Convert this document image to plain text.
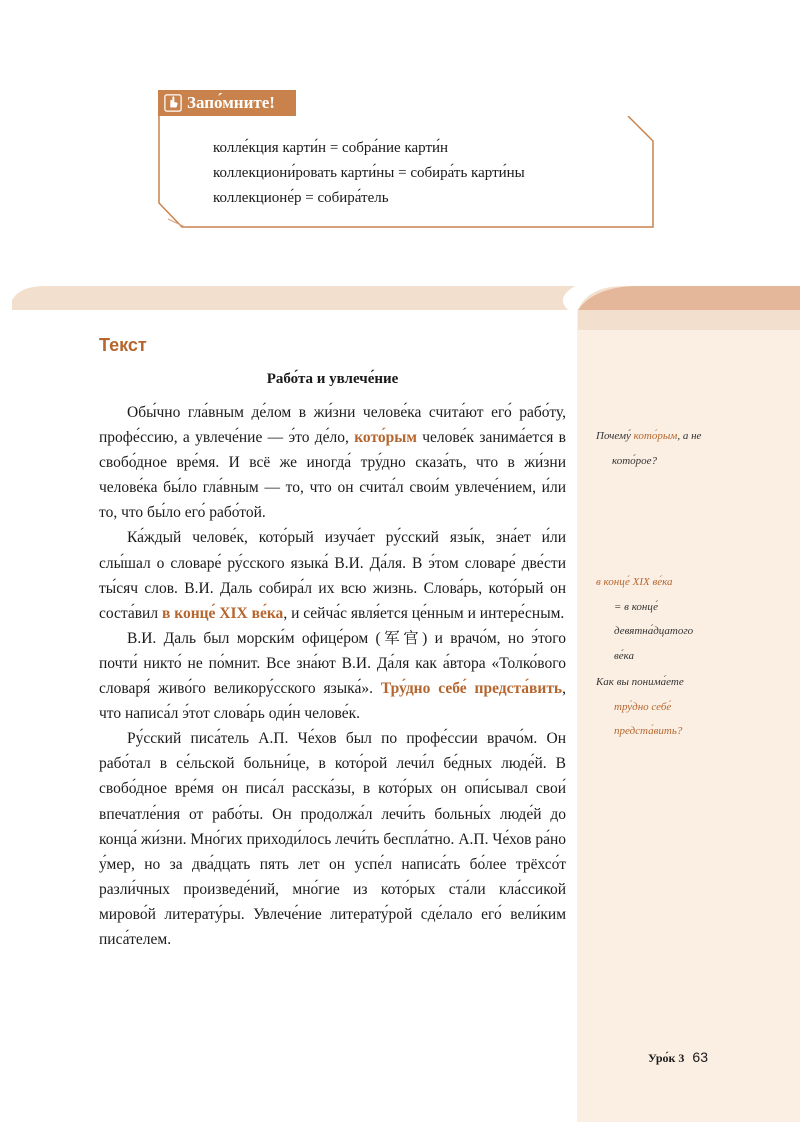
Запо́мните!
колле́кция карти́н = собра́ние карти́н
коллекциони́ровать карти́ны = собира́ть карти́ны
коллекционе́р = собира́тель
Текст
Рабо́та и увлече́ние

Обы́чно гла́вным де́лом в жи́зни челове́ка счита́ют его́ рабо́ту, профе́ссию, а увлече́ние — э́то де́ло, кото́рым челове́к занима́ется в свобо́дное вре́мя. И всё же иногда́ тру́дно сказа́ть, что в жи́зни челове́ка бы́ло гла́вным — то, что он счита́л свои́м увлече́нием, и́ли то, что бы́ло его́ рабо́той.

Ка́ждый челове́к, кото́рый изуча́ет ру́сский язы́к, зна́ет и́ли слы́шал о словаре́ ру́сского языка́ В.И. Да́ля. В э́том словаре́ две́сти ты́сяч слов. В.И. Даль собира́л их всю жизнь. Слова́рь, кото́рый он соста́вил в конце́ XIX ве́ка, и сейча́с явля́ется це́нным и интере́сным.

В.И. Даль был морски́м офице́ром (军官) и врачо́м, но э́того почти́ никто́ не по́мнит. Все зна́ют В.И. Да́ля как а́втора «Толко́вого словаря́ живо́го великору́сского языка́». Тру́дно себе́ предста́вить, что написа́л э́тот слова́рь оди́н челове́к.

Ру́сский писа́тель А.П. Че́хов был по профе́ссии врачо́м. Он рабо́тал в се́льской больни́це, в кото́рой лечи́л бе́дных люде́й. В свобо́дное вре́мя он писа́л расска́зы, в кото́рых он опи́сывал свои́ впечатле́ния от рабо́ты. Он продолжа́л лечи́ть больны́х люде́й до конца́ жи́зни. Мно́гих приходи́лось лечи́ть беспла́тно. А.П. Че́хов ра́но у́мер, но за два́дцать пять лет он успе́л написа́ть бо́лее трёхсо́т разли́чных произведе́ний, мно́гие из кото́рых ста́ли кла́ссикой мирово́й литерату́ры. Увлече́ние литерату́рой сде́лало его́ вели́ким писа́телем.

Почему́ кото́рым, а не
кото́рое?
в конце́ XIX ве́ка
= в конце́
девятна́дцатого
ве́ка
Как вы понима́ете
тру́дно себе́
предста́вить?
Уро́к 3 63
